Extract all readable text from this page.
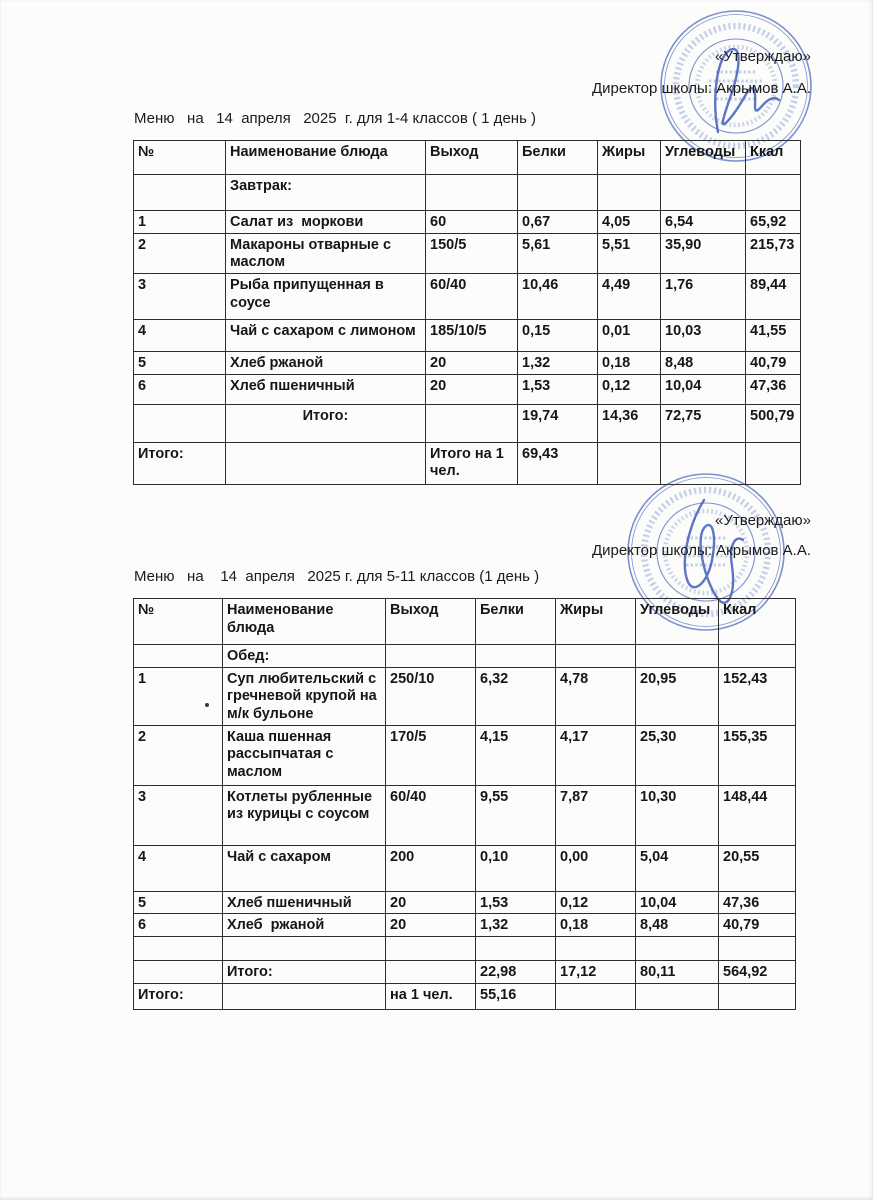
«Утверждаю»
Директор школы: Акрымов А.А.
Меню   на   14  апреля   2025  г. для 1-4 классов ( 1 день )
№	Наименование блюда	Выход	Белки	Жиры	Углеводы	Ккал
	Завтрак:					
1	Салат из  моркови	60	0,67	4,05	6,54	65,92
2	Макароны отварные с маслом	150/5	5,61	5,51	35,90	215,73
3	Рыба припущенная в соусе	60/40	10,46	4,49	1,76	89,44
4	Чай с сахаром с лимоном	185/10/5	0,15	0,01	10,03	41,55
5	Хлеб ржаной	20	1,32	0,18	8,48	40,79
6	Хлеб пшеничный	20	1,53	0,12	10,04	47,36
	Итого:		19,74	14,36	72,75	500,79
Итого:		Итого на 1 чел.	69,43			
«Утверждаю»
Директор школы: Акрымов А.А.
Меню   на    14  апреля   2025 г. для 5-11 классов (1 день )
№	Наименование блюда	Выход	Белки	Жиры	Углеводы	Ккал
	Обед:					
1	Суп любительский с гречневой крупой на м/к бульоне	250/10	6,32	4,78	20,95	152,43
2	Каша пшенная рассыпчатая с маслом	170/5	4,15	4,17	25,30	155,35
3	Котлеты рубленные из курицы с соусом	60/40	9,55	7,87	10,30	148,44
4	Чай с сахаром	200	0,10	0,00	5,04	20,55
5	Хлеб пшеничный	20	1,53	0,12	10,04	47,36
6	Хлеб  ржаной	20	1,32	0,18	8,48	40,79

	Итого:		22,98	17,12	80,11	564,92
Итого:		на 1 чел.	55,16			
